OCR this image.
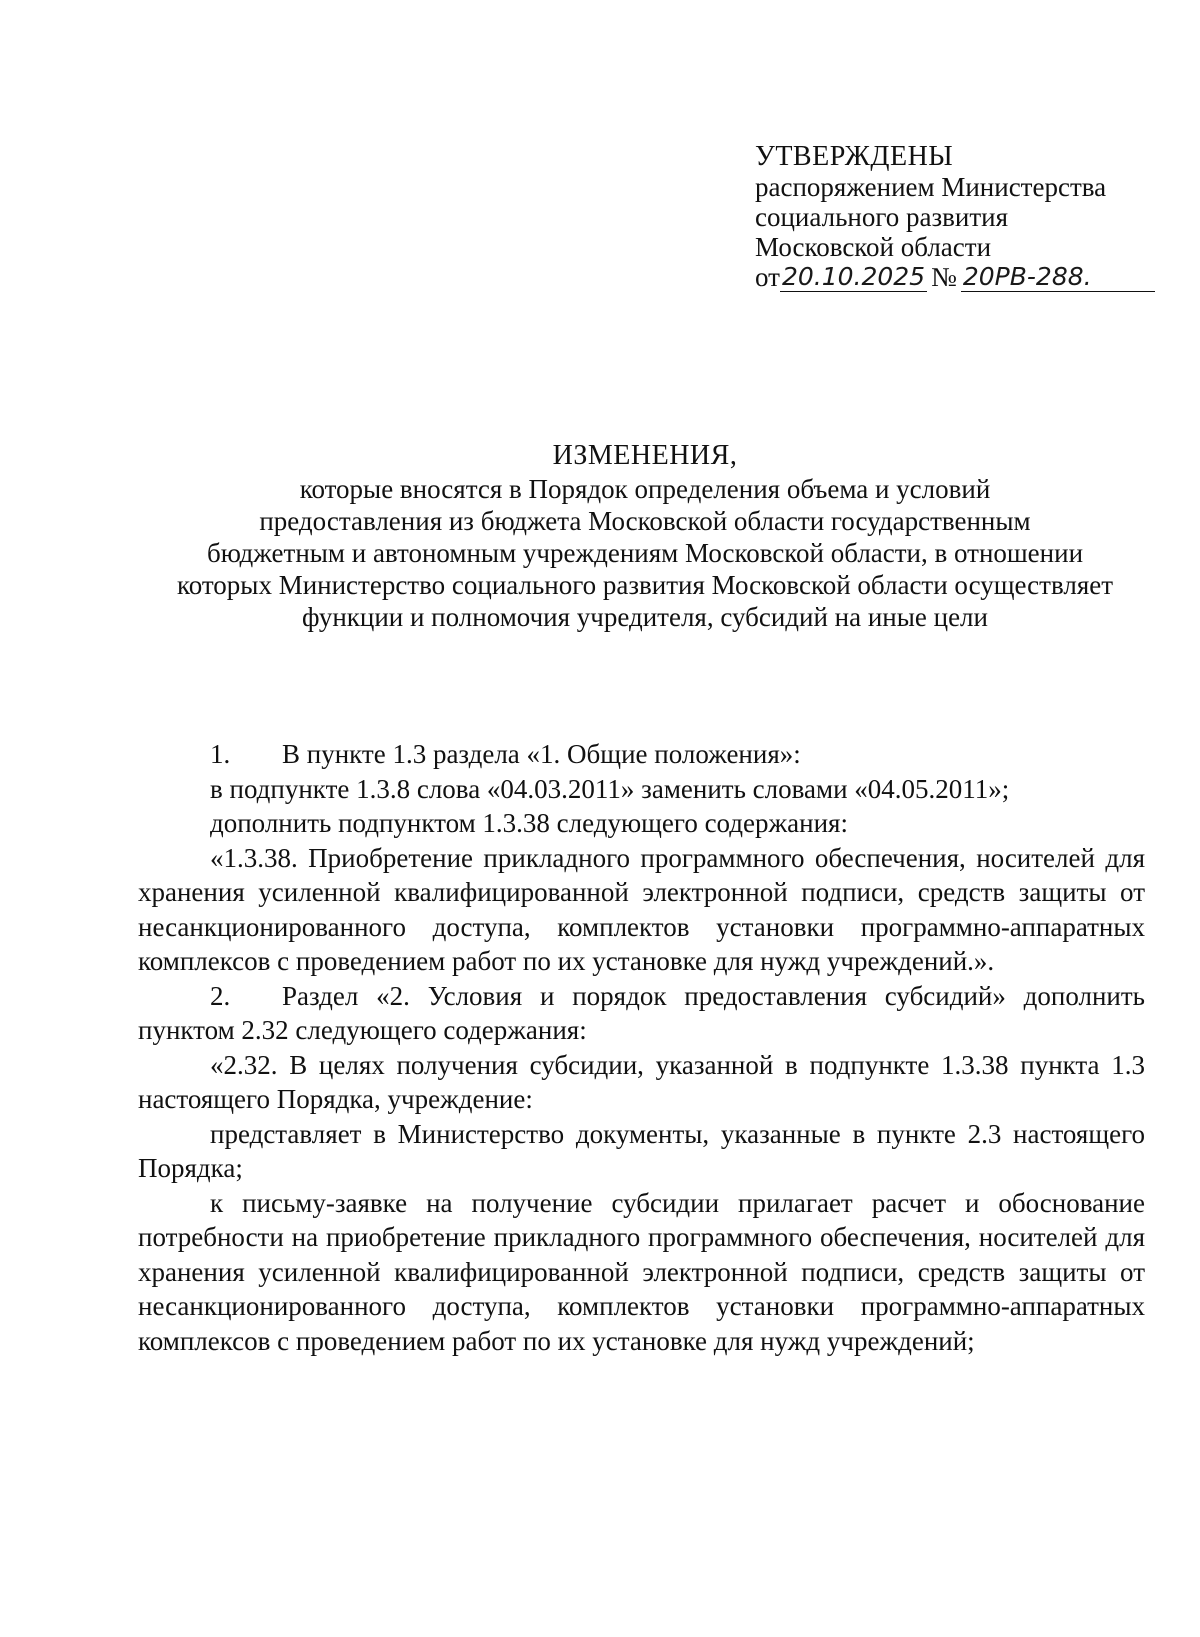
УТВЕРЖДЕНЫ
распоряжением Министерства
социального развития
Московской области
от 20.10.2025 № 20РВ-288.
ИЗМЕНЕНИЯ,
которые вносятся в Порядок определения объема и условий
предоставления из бюджета Московской области государственным
бюджетным и автономным учреждениям Московской области, в отношении
которых Министерство социального развития Московской области осуществляет
функции и полномочия учредителя, субсидий на иные цели

1. В пункте 1.3 раздела «1. Общие положения»:

в подпункте 1.3.8 слова «04.03.2011» заменить словами «04.05.2011»;

дополнить подпунктом 1.3.38 следующего содержания:

«1.3.38. Приобретение прикладного программного обеспечения, носителей для хранения усиленной квалифицированной электронной подписи, средств защиты от несанкционированного доступа, комплектов установки программно-аппаратных комплексов с проведением работ по их установке для нужд учреждений.».

2. Раздел «2. Условия и порядок предоставления субсидий» дополнить пунктом 2.32 следующего содержания:

«2.32. В целях получения субсидии, указанной в подпункте 1.3.38 пункта 1.3 настоящего Порядка, учреждение:

представляет в Министерство документы, указанные в пункте 2.3 настоящего Порядка;

к письму-заявке на получение субсидии прилагает расчет и обоснование потребности на приобретение прикладного программного обеспечения, носителей для хранения усиленной квалифицированной электронной подписи, средств защиты от несанкционированного доступа, комплектов установки программно-аппаратных комплексов с проведением работ по их установке для нужд учреждений;
